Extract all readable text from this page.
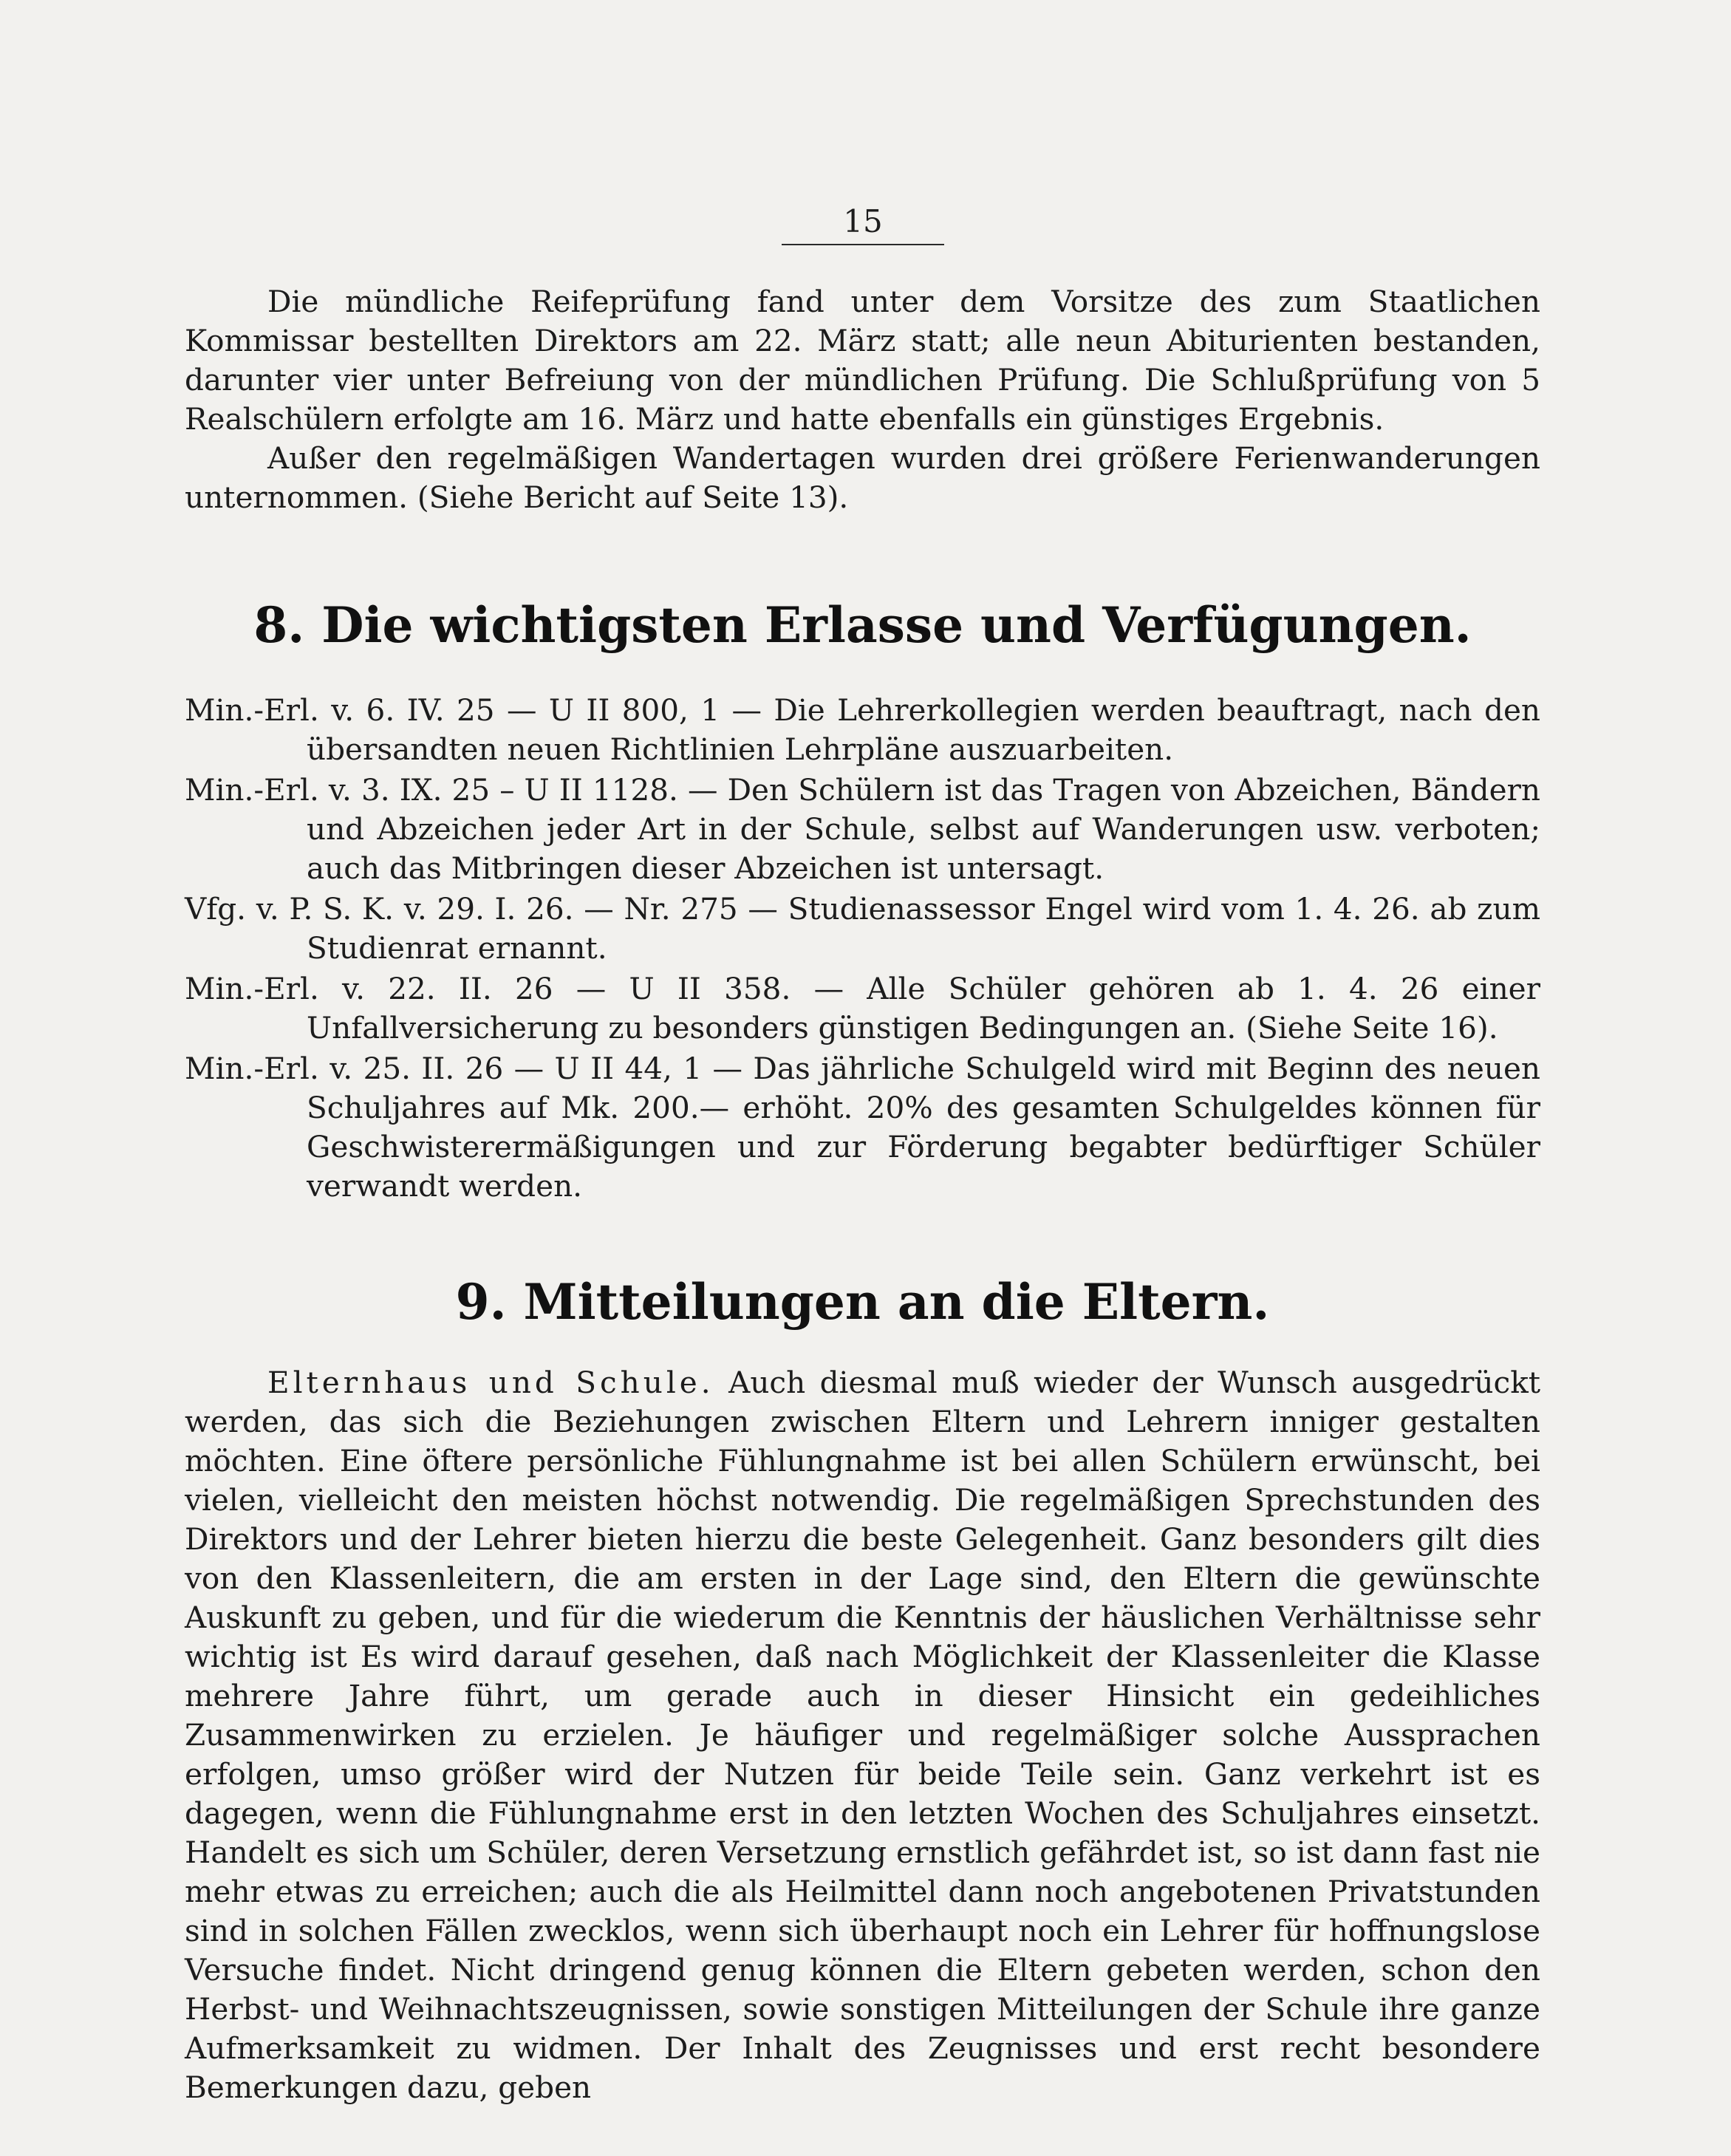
15

Die mündliche Reifeprüfung fand unter dem Vorsitze des zum Staatlichen Kommissar bestellten Direktors am 22. März statt; alle neun Abiturienten bestanden, darunter vier unter Befreiung von der mündlichen Prüfung. Die Schlußprüfung von 5 Realschülern erfolgte am 16. März und hatte ebenfalls ein günstiges Ergebnis.

Außer den regelmäßigen Wandertagen wurden drei größere Ferienwanderungen unternommen. (Siehe Bericht auf Seite 13).

8. Die wichtigsten Erlasse und Verfügungen.

Min.-Erl. v. 6. IV. 25 — U II 800, 1 — Die Lehrerkollegien werden beauftragt, nach den übersandten neuen Richtlinien Lehrpläne auszuarbeiten.

Min.-Erl. v. 3. IX. 25 – U II 1128. — Den Schülern ist das Tragen von Abzeichen, Bändern und Abzeichen jeder Art in der Schule, selbst auf Wanderungen usw. verboten; auch das Mitbringen dieser Abzeichen ist untersagt.

Vfg. v. P. S. K. v. 29. I. 26. — Nr. 275 — Studienassessor Engel wird vom 1. 4. 26. ab zum Studienrat ernannt.

Min.-Erl. v. 22. II. 26 — U II 358. — Alle Schüler gehören ab 1. 4. 26 einer Unfallversicherung zu besonders günstigen Bedingungen an. (Siehe Seite 16).

Min.-Erl. v. 25. II. 26 — U II 44, 1 — Das jährliche Schulgeld wird mit Beginn des neuen Schuljahres auf Mk. 200.— erhöht. 20% des gesamten Schulgeldes können für Geschwisterermäßigungen und zur Förderung begabter bedürftiger Schüler verwandt werden.

9. Mitteilungen an die Eltern.

Elternhaus und Schule. Auch diesmal muß wieder der Wunsch ausgedrückt werden, das sich die Beziehungen zwischen Eltern und Lehrern inniger gestalten möchten. Eine öftere persönliche Fühlungnahme ist bei allen Schülern erwünscht, bei vielen, vielleicht den meisten höchst notwendig. Die regelmäßigen Sprechstunden des Direktors und der Lehrer bieten hierzu die beste Gelegenheit. Ganz besonders gilt dies von den Klassenleitern, die am ersten in der Lage sind, den Eltern die gewünschte Auskunft zu geben, und für die wiederum die Kenntnis der häuslichen Verhältnisse sehr wichtig ist Es wird darauf gesehen, daß nach Möglichkeit der Klassenleiter die Klasse mehrere Jahre führt, um gerade auch in dieser Hinsicht ein gedeihliches Zusammenwirken zu erzielen. Je häufiger und regelmäßiger solche Aussprachen erfolgen, umso größer wird der Nutzen für beide Teile sein. Ganz verkehrt ist es dagegen, wenn die Fühlungnahme erst in den letzten Wochen des Schuljahres einsetzt. Handelt es sich um Schüler, deren Versetzung ernstlich gefährdet ist, so ist dann fast nie mehr etwas zu erreichen; auch die als Heilmittel dann noch angebotenen Privatstunden sind in solchen Fällen zwecklos, wenn sich überhaupt noch ein Lehrer für hoffnungslose Versuche findet. Nicht dringend genug können die Eltern gebeten werden, schon den Herbst- und Weihnachtszeugnissen, sowie sonstigen Mitteilungen der Schule ihre ganze Aufmerksamkeit zu widmen. Der Inhalt des Zeugnisses und erst recht besondere Bemerkungen dazu, geben
